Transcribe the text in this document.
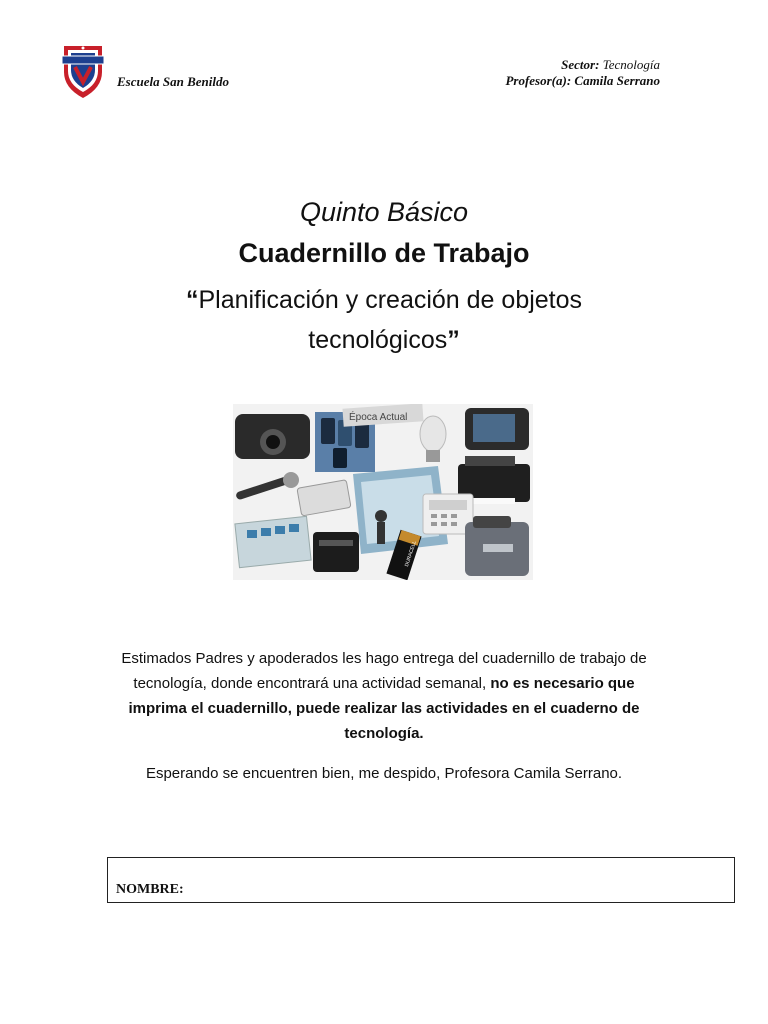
Escuela San Benildo
Sector: Tecnología
Profesor(a): Camila Serrano
Quinto Básico
Cuadernillo de Trabajo
“Planificación y creación de objetos tecnológicos”
Época Actual
DURACELL
Estimados Padres y apoderados les hago entrega del cuadernillo de trabajo de tecnología, donde encontrará una actividad semanal, no es necesario que imprima el cuadernillo, puede realizar las actividades en el cuaderno de tecnología.
Esperando se encuentren bien, me despido, Profesora Camila Serrano.
NOMBRE:
